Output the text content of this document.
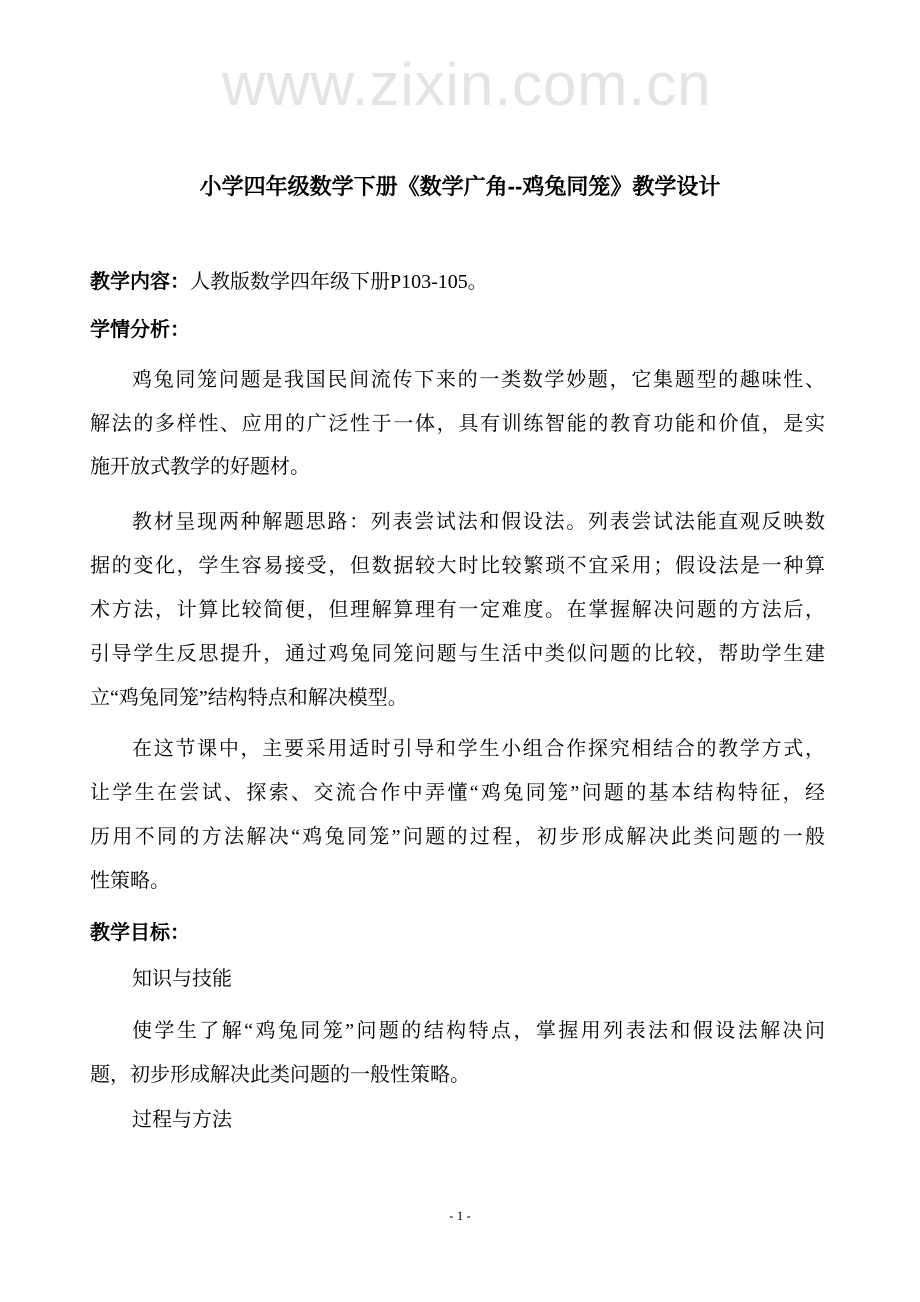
www.zixin.com.cn
小学四年级数学下册《数学广角--鸡兔同笼》教学设计
教学内容：人教版数学四年级下册P103-105。
学情分析：
鸡兔同笼问题是我国民间流传下来的一类数学妙题，它集题型的趣味性、
解法的多样性、应用的广泛性于一体，具有训练智能的教育功能和价值，是实
施开放式教学的好题材。
教材呈现两种解题思路：列表尝试法和假设法。列表尝试法能直观反映数
据的变化，学生容易接受，但数据较大时比较繁琐不宜采用；假设法是一种算
术方法，计算比较简便，但理解算理有一定难度。在掌握解决问题的方法后，
引导学生反思提升，通过鸡兔同笼问题与生活中类似问题的比较，帮助学生建
立“鸡兔同笼”结构特点和解决模型。
在这节课中，主要采用适时引导和学生小组合作探究相结合的教学方式，
让学生在尝试、探索、交流合作中弄懂“鸡兔同笼”问题的基本结构特征，经
历用不同的方法解决“鸡兔同笼”问题的过程，初步形成解决此类问题的一般
性策略。
教学目标：
知识与技能
使学生了解“鸡兔同笼”问题的结构特点，掌握用列表法和假设法解决问
题，初步形成解决此类问题的一般性策略。
过程与方法
- 1 -
